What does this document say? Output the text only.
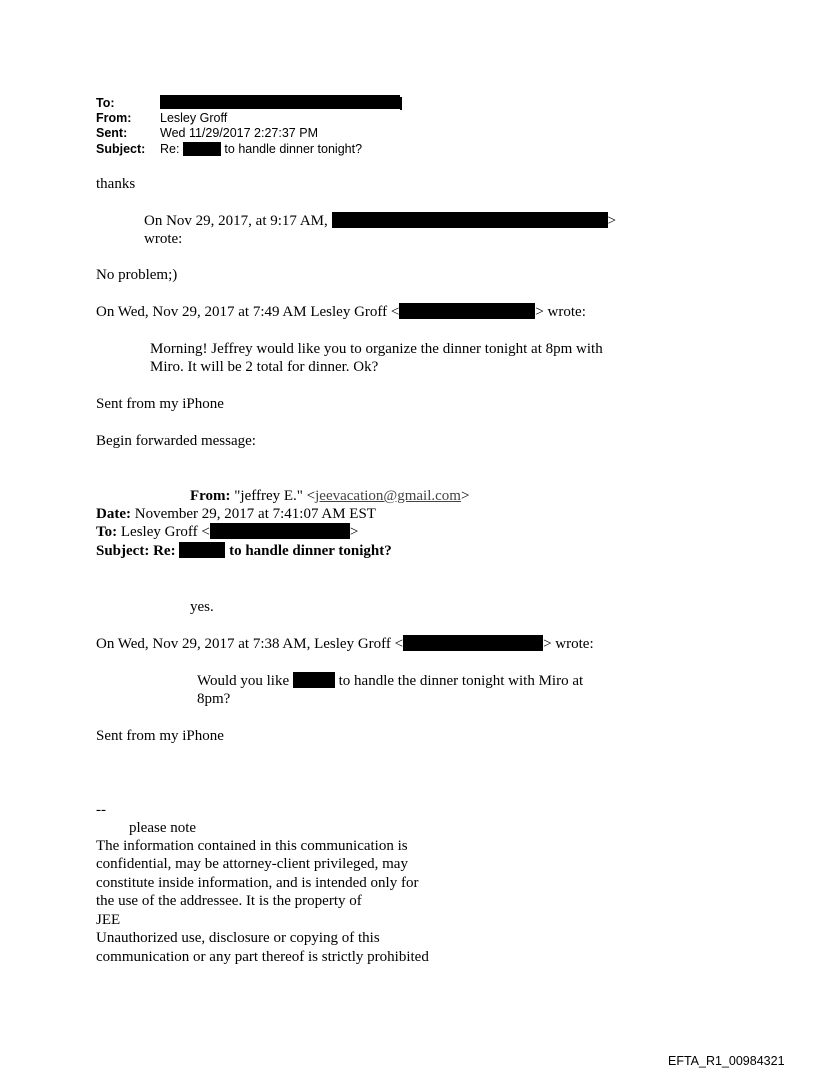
To:
From: Lesley Groff
Sent:	Wed 11/29/2017 2:27:37 PM
Subject: Re:	to handle dinner tonight?
thanks
On Nov 29, 2017, at 9:17 AM,	>
wrote:
No problem;)
On Wed, Nov 29, 2017 at 7:49 AM Lesley Groff <	> wrote:
Morning! Jeffrey would like you to organize the dinner tonight at 8pm with
Miro. It will be 2 total for dinner. Ok?
Sent from my iPhone
Begin forwarded message:
From: "jeffrey E." <jeevacation@gmail.com>
Date: November 29, 2017 at 7:41:07 AM EST
To: Lesley Groff <	>
Subject: Re:	to handle dinner tonight?
yes.
On Wed, Nov 29, 2017 at 7:38 AM, Lesley Groff <	> wrote:
Would you like	to handle the dinner tonight with Miro at
8pm?
Sent from my iPhone
--
please note
The information contained in this communication is
confidential, may be attorney-client privileged, may
constitute inside information, and is intended only for
the use of the addressee. It is the property of
JEE
Unauthorized use, disclosure or copying of this
communication or any part thereof is strictly prohibited
EFTA_R1_00984321
